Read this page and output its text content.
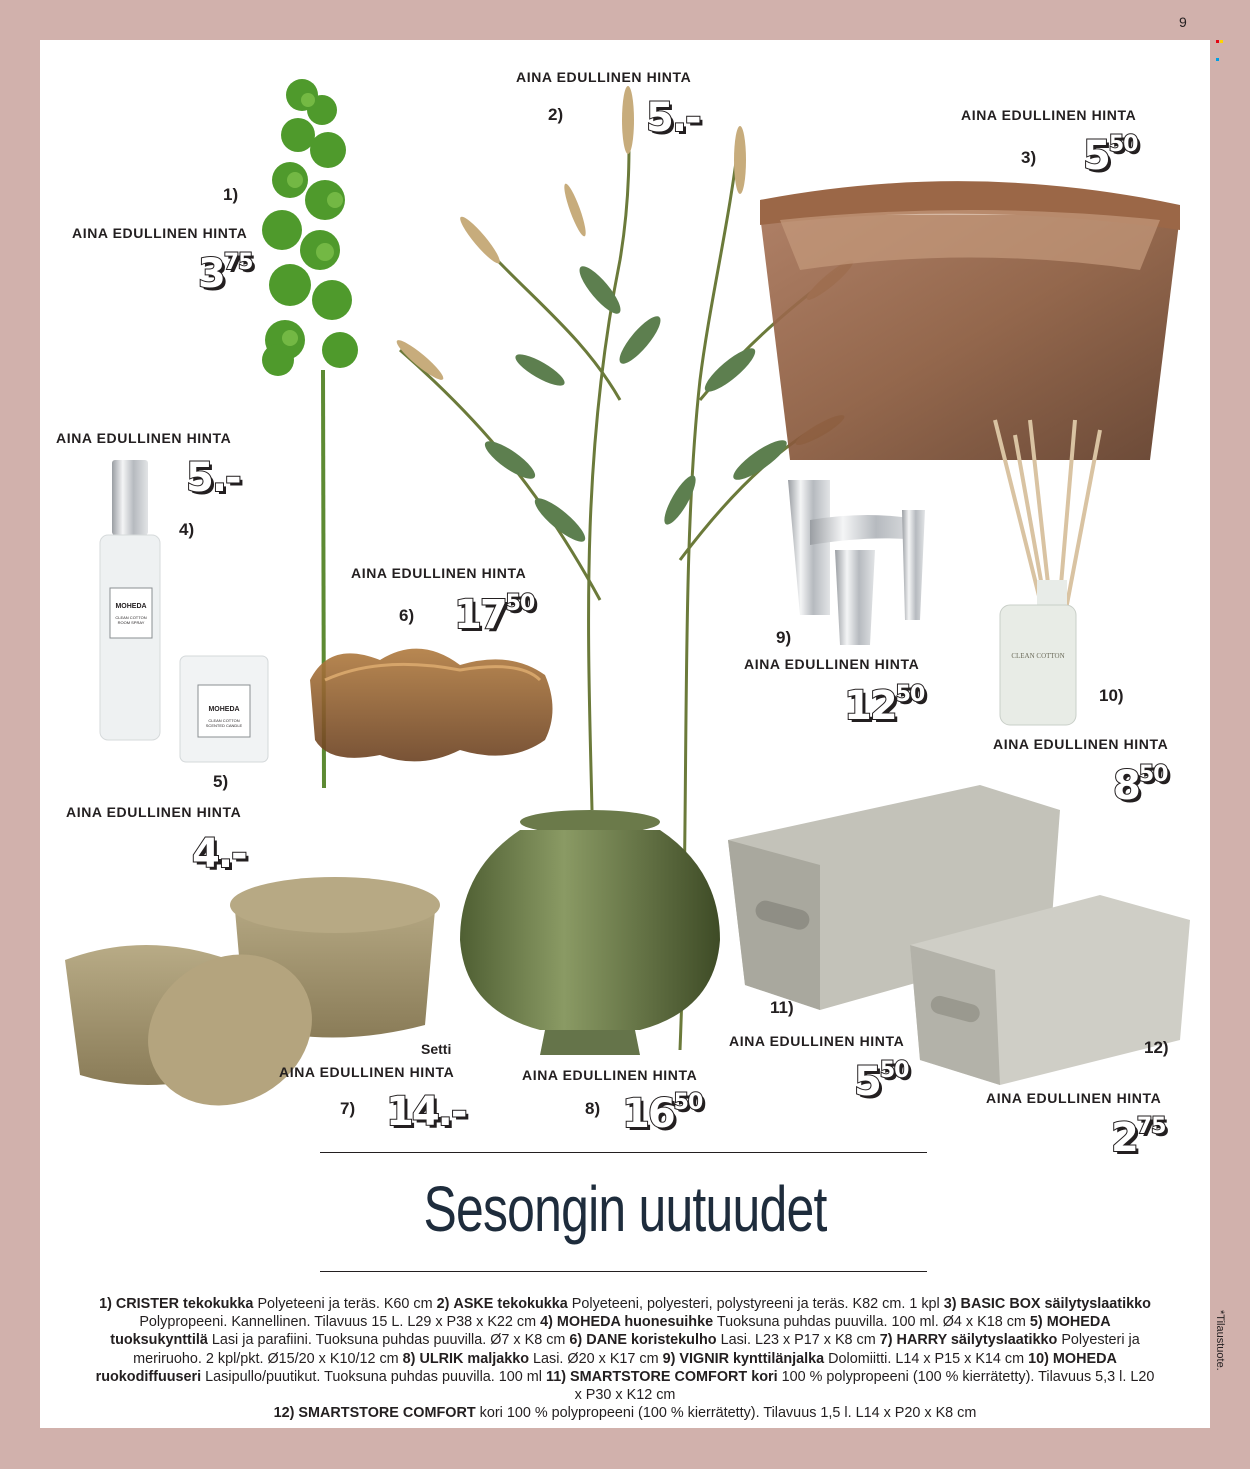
9
MOHEDA
CLEAN COTTON ROOM SPRAY
MOHEDA
CLEAN COTTON SCENTED CANDLE
CLEAN COTTON
1)
AINA EDULLINEN HINTA
$3^{75}$
AINA EDULLINEN HINTA
2) 5.-	AINA EDULLINEN HINTA
3) $5^{50}$
AINA EDULLINEN HINTA
5.-
4)
5)
AINA EDULLINEN HINTA
4.-
AINA EDULLINEN HINTA
6) $17^{50}$
Setti
AINA EDULLINEN HINTA
7) 14.-
AINA EDULLINEN HINTA
8) $16^{50}$
9)
AINA EDULLINEN HINTA
$12^{50}$	10)
AINA EDULLINEN HINTA
$8^{50}$
11)
AINA EDULLINEN HINTA
$5^{50}$
12)
AINA EDULLINEN HINTA
$2^{75}$
Sesongin uutuudet
1) CRISTER tekokukka Polyeteeni ja teräs. K60 cm 2) ASKE tekokukka Polyeteeni, polyesteri, polystyreeni ja teräs. K82 cm. 1 kpl 3) BASIC BOX säilytyslaatikko Polypropeeni. Kannellinen. Tilavuus 15 L. L29 x P38 x K22 cm 4) MOHEDA huonesuihke Tuoksuna puhdas puuvilla. 100 ml. Ø4 x K18 cm 5) MOHEDA tuoksukynttilä Lasi ja parafiini. Tuoksuna puhdas puuvilla. Ø7 x K8 cm 6) DANE koristekulho Lasi. L23 x P17 x K8 cm 7) HARRY säilytyslaatikko Polyesteri ja meriruoho. 2 kpl/pkt. Ø15/20 x K10/12 cm 8) ULRIK maljakko Lasi. Ø20 x K17 cm 9) VIGNIR kynttilänjalka Dolomiitti. L14 x P15 x K14 cm 10) MOHEDA ruokodiffuuseri Lasipullo/puutikut. Tuoksuna puhdas puuvilla. 100 ml 11) SMARTSTORE COMFORT kori 100 % polypropeeni (100 % kierrätetty). Tilavuus 5,3 l. L20 x P30 x K12 cm
12) SMARTSTORE COMFORT kori 100 % polypropeeni (100 % kierrätetty). Tilavuus 1,5 l. L14 x P20 x K8 cm
*Tilaustuote.
